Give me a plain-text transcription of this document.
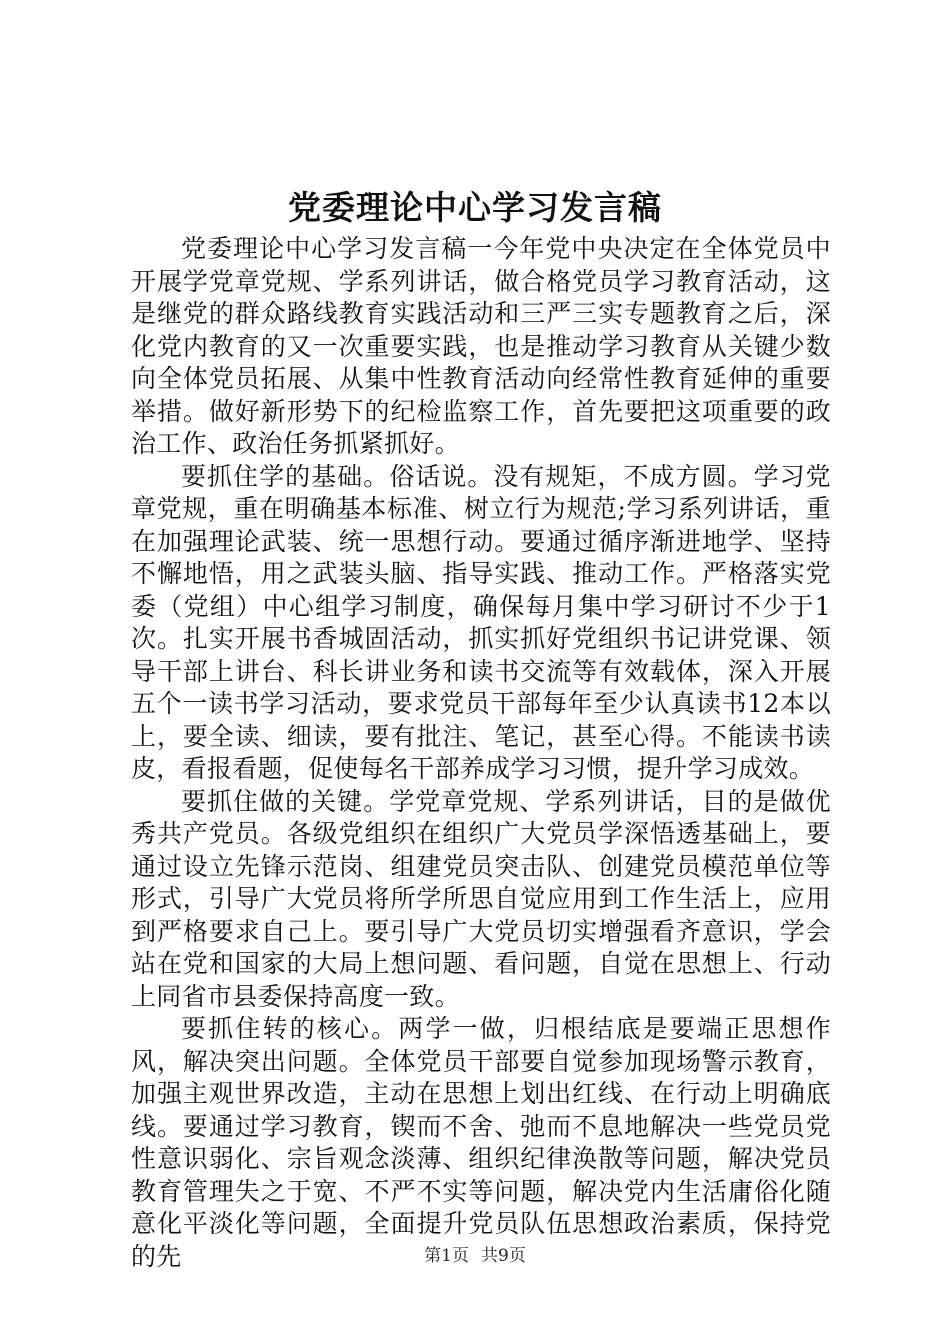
党委理论中心学习发言稿

党委理论中心学习发言稿一今年党中央决定在全体党员中开展学党章党规、学系列讲话，做合格党员学习教育活动，这是继党的群众路线教育实践活动和三严三实专题教育之后，深化党内教育的又一次重要实践，也是推动学习教育从关键少数向全体党员拓展、从集中性教育活动向经常性教育延伸的重要举措。做好新形势下的纪检监察工作，首先要把这项重要的政治工作、政治任务抓紧抓好。

要抓住学的基础。俗话说。没有规矩，不成方圆。学习党章党规，重在明确基本标准、树立行为规范;学习系列讲话，重在加强理论武装、统一思想行动。要通过循序渐进地学、坚持不懈地悟，用之武装头脑、指导实践、推动工作。严格落实党委（党组）中心组学习制度，确保每月集中学习研讨不少于1次。扎实开展书香城固活动，抓实抓好党组织书记讲党课、领导干部上讲台、科长讲业务和读书交流等有效载体，深入开展五个一读书学习活动，要求党员干部每年至少认真读书12本以上，要全读、细读，要有批注、笔记，甚至心得。不能读书读皮，看报看题，促使每名干部养成学习习惯，提升学习成效。

要抓住做的关键。学党章党规、学系列讲话，目的是做优秀共产党员。各级党组织在组织广大党员学深悟透基础上，要通过设立先锋示范岗、组建党员突击队、创建党员模范单位等形式，引导广大党员将所学所思自觉应用到工作生活上，应用到严格要求自己上。要引导广大党员切实增强看齐意识，学会站在党和国家的大局上想问题、看问题，自觉在思想上、行动上同省市县委保持高度一致。

要抓住转的核心。两学一做，归根结底是要端正思想作风，解决突出问题。全体党员干部要自觉参加现场警示教育，加强主观世界改造，主动在思想上划出红线、在行动上明确底线。要通过学习教育，锲而不舍、弛而不息地解决一些党员党性意识弱化、宗旨观念淡薄、组织纪律涣散等问题，解决党员教育管理失之于宽、不严不实等问题，解决党内生活庸俗化随意化平淡化等问题，全面提升党员队伍思想政治素质，保持党的先	第1页 共9页
